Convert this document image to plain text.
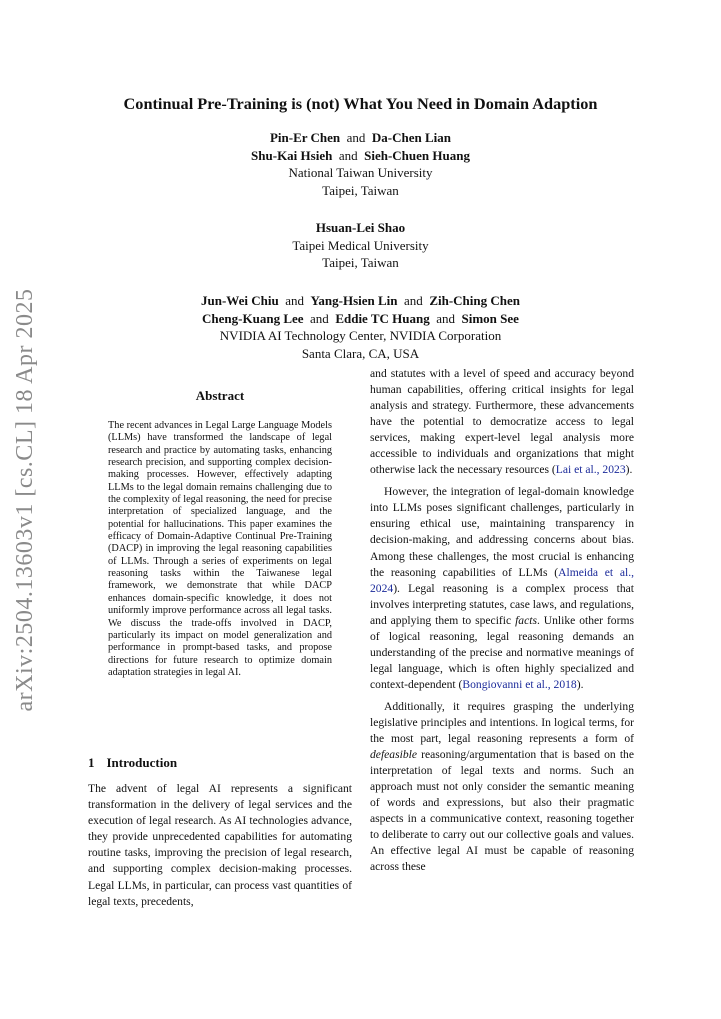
arXiv:2504.13603v1 [cs.CL] 18 Apr 2025
Continual Pre-Training is (not) What You Need in Domain Adaption
Pin-Er Chen and Da-Chen Lian
Shu-Kai Hsieh and Sieh-Chuen Huang
National Taiwan University
Taipei, Taiwan
Hsuan-Lei Shao
Taipei Medical University
Taipei, Taiwan
Jun-Wei Chiu and Yang-Hsien Lin and Zih-Ching Chen
Cheng-Kuang Lee and Eddie TC Huang and Simon See
NVIDIA AI Technology Center, NVIDIA Corporation
Santa Clara, CA, USA
Abstract
The recent advances in Legal Large Language Models (LLMs) have transformed the landscape of legal research and practice by automating tasks, enhancing research precision, and supporting complex decision-making processes. However, effectively adapting LLMs to the legal domain remains challenging due to the complexity of legal reasoning, the need for precise interpretation of specialized language, and the potential for hallucinations. This paper examines the efficacy of Domain-Adaptive Continual Pre-Training (DACP) in improving the legal reasoning capabilities of LLMs. Through a series of experiments on legal reasoning tasks within the Taiwanese legal framework, we demonstrate that while DACP enhances domain-specific knowledge, it does not uniformly improve performance across all legal tasks. We discuss the trade-offs involved in DACP, particularly its impact on model generalization and performance in prompt-based tasks, and propose directions for future research to optimize domain adaptation strategies in legal AI.
1 Introduction
The advent of legal AI represents a significant transformation in the delivery of legal services and the execution of legal research. As AI technologies advance, they provide unprecedented capabilities for automating routine tasks, improving the precision of legal research, and supporting complex decision-making processes. Legal LLMs, in particular, can process vast quantities of legal texts, precedents,

and statutes with a level of speed and accuracy beyond human capabilities, offering critical insights for legal analysis and strategy. Furthermore, these advancements have the potential to democratize access to legal services, making expert-level legal analysis more accessible to individuals and organizations that might otherwise lack the necessary resources (Lai et al., 2023).

However, the integration of legal-domain knowledge into LLMs poses significant challenges, particularly in ensuring ethical use, maintaining transparency in decision-making, and addressing concerns about bias. Among these challenges, the most crucial is enhancing the reasoning capabilities of LLMs (Almeida et al., 2024). Legal reasoning is a complex process that involves interpreting statutes, case laws, and regulations, and applying them to specific facts. Unlike other forms of logical reasoning, legal reasoning demands an understanding of the precise and normative meanings of legal language, which is often highly specialized and context-dependent (Bongiovanni et al., 2018).

Additionally, it requires grasping the underlying legislative principles and intentions. In logical terms, for the most part, legal reasoning represents a form of defeasible reasoning/argumentation that is based on the interpretation of legal texts and norms. Such an approach must not only consider the semantic meaning of words and expressions, but also their pragmatic aspects in a communicative context, reasoning together to deliberate to carry out our collective goals and values. An effective legal AI must be capable of reasoning across these
